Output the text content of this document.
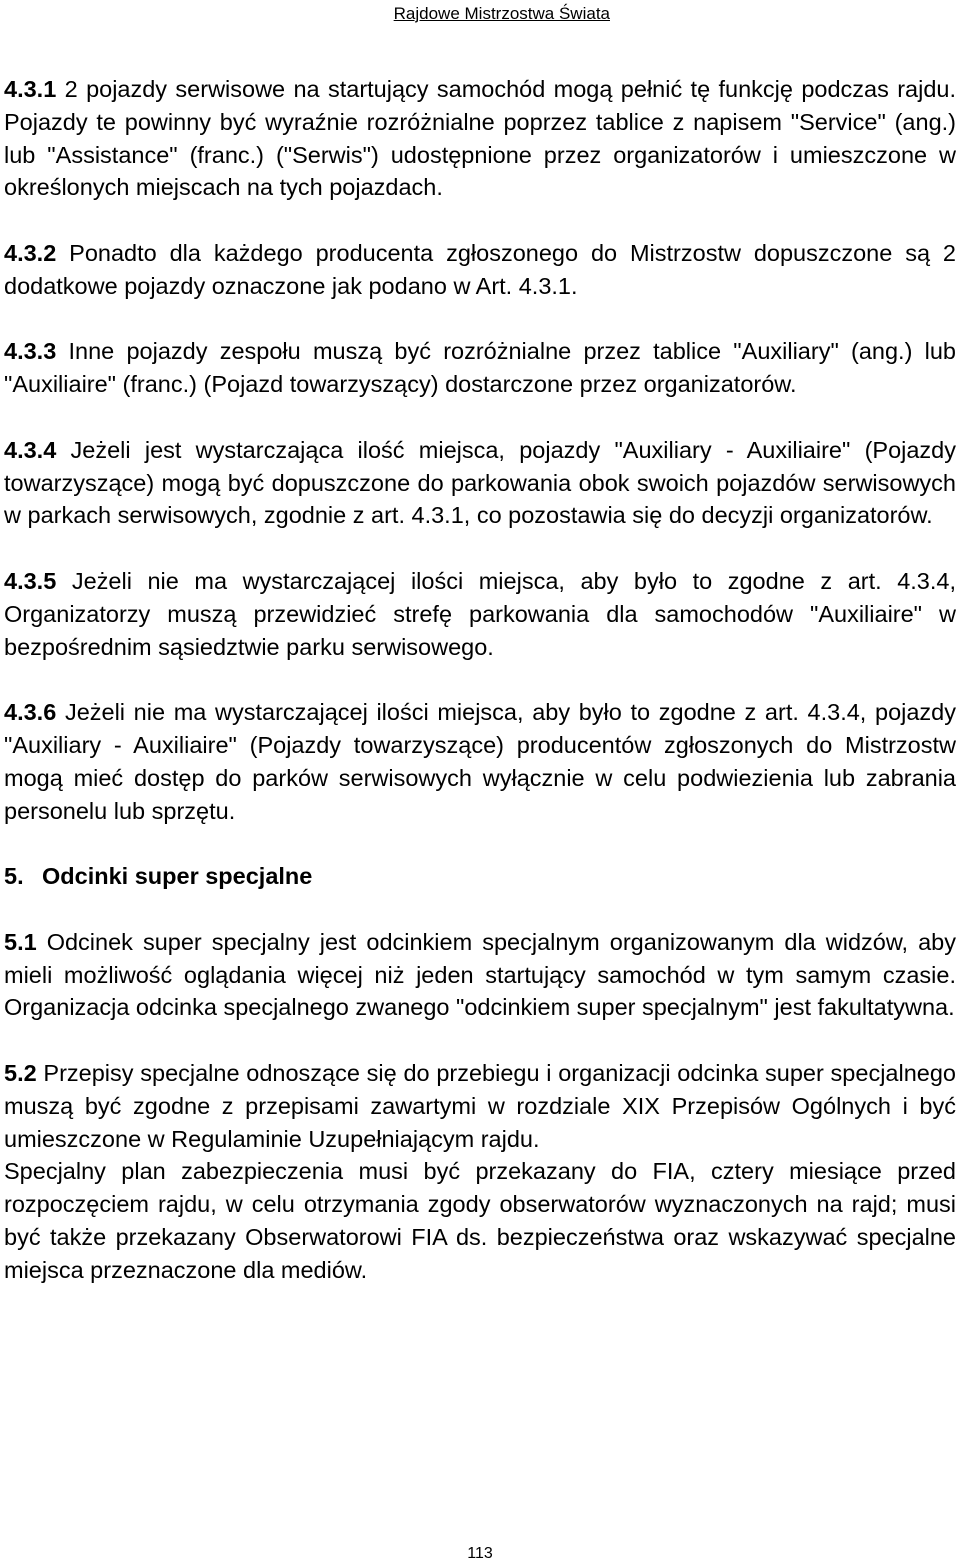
Rajdowe Mistrzostwa Świata

4.3.1 2 pojazdy serwisowe na startujący samochód mogą pełnić tę funkcję podczas rajdu. Pojazdy te powinny być wyraźnie rozróżnialne poprzez tablice z napisem "Service" (ang.) lub "Assistance" (franc.) ("Serwis") udostępnione przez organizatorów i umieszczone w określonych miejscach na tych pojazdach.

4.3.2 Ponadto dla każdego producenta zgłoszonego do Mistrzostw dopuszczone są 2 dodatkowe pojazdy oznaczone jak podano w Art. 4.3.1.

4.3.3 Inne pojazdy zespołu muszą być rozróżnialne przez tablice "Auxiliary" (ang.) lub "Auxiliaire" (franc.) (Pojazd towarzyszący) dostarczone przez organizatorów.

4.3.4 Jeżeli jest wystarczająca ilość miejsca, pojazdy "Auxiliary - Auxiliaire" (Pojazdy towarzyszące) mogą być dopuszczone do parkowania obok swoich pojazdów serwisowych w parkach serwisowych, zgodnie z art. 4.3.1, co pozostawia się do decyzji organizatorów.

4.3.5 Jeżeli nie ma wystarczającej ilości miejsca, aby było to zgodne z art. 4.3.4, Organizatorzy muszą przewidzieć strefę parkowania dla samochodów "Auxiliaire" w bezpośrednim sąsiedztwie parku serwisowego.

4.3.6 Jeżeli nie ma wystarczającej ilości miejsca, aby było to zgodne z art. 4.3.4, pojazdy "Auxiliary - Auxiliaire" (Pojazdy towarzyszące) producentów zgłoszonych do Mistrzostw mogą mieć dostęp do parków serwisowych wyłącznie w celu podwiezienia lub zabrania personelu lub sprzętu.

5. Odcinki super specjalne

5.1 Odcinek super specjalny jest odcinkiem specjalnym organizowanym dla widzów, aby mieli możliwość oglądania więcej niż jeden startujący samochód w tym samym czasie. Organizacja odcinka specjalnego zwanego "odcinkiem super specjalnym" jest fakultatywna.

5.2 Przepisy specjalne odnoszące się do przebiegu i organizacji odcinka super specjalnego muszą być zgodne z przepisami zawartymi w rozdziale XIX Przepisów Ogólnych i być umieszczone w Regulaminie Uzupełniającym rajdu.

Specjalny plan zabezpieczenia musi być przekazany do FIA, cztery miesiące przed rozpoczęciem rajdu, w celu otrzymania zgody obserwatorów wyznaczonych na rajd; musi być także przekazany Obserwatorowi FIA ds. bezpieczeństwa oraz wskazywać specjalne miejsca przeznaczone dla mediów.

113
